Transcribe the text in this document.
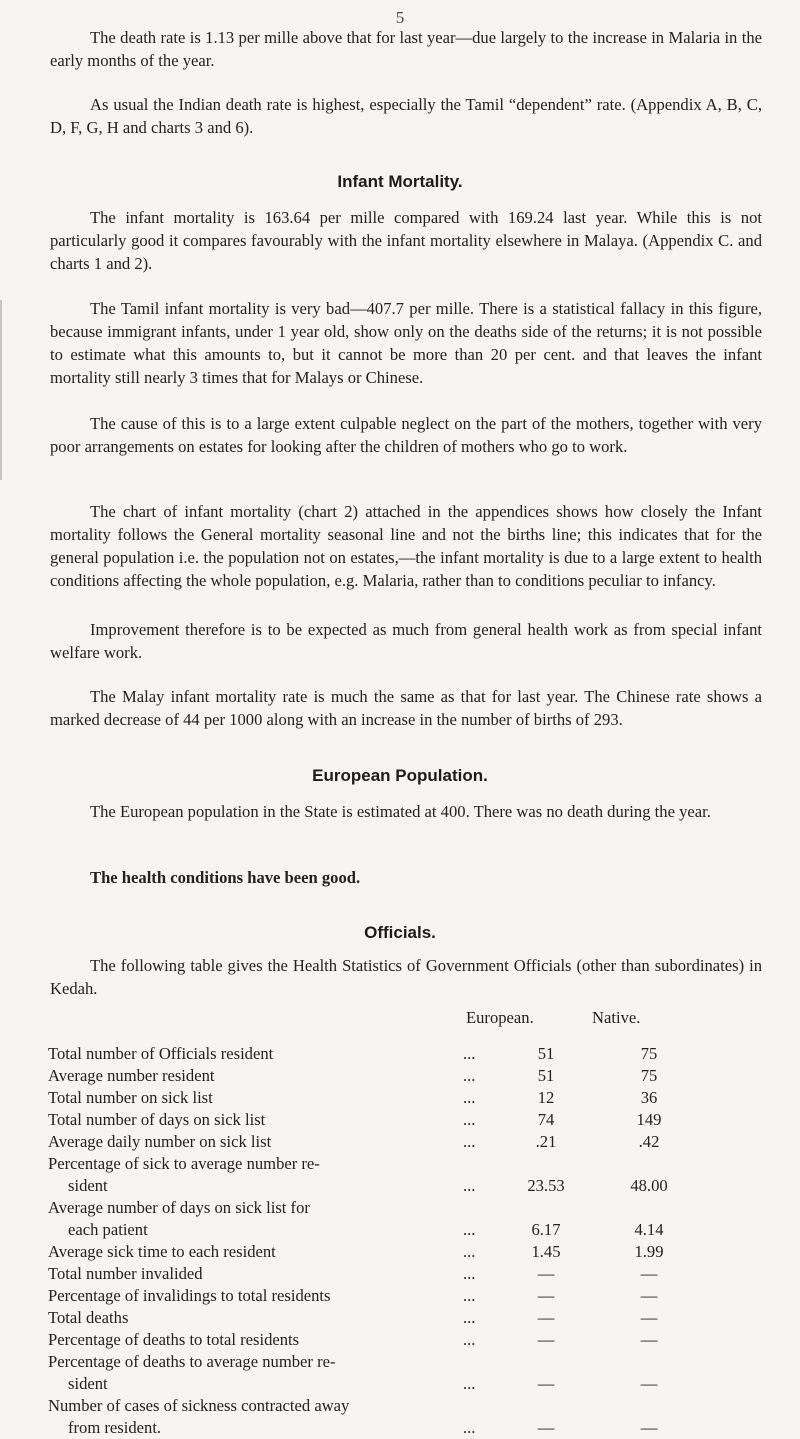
5

The death rate is 1.13 per mille above that for last year—due largely to the increase in Malaria in the early months of the year.

As usual the Indian death rate is highest, especially the Tamil “dependent” rate. (Appendix A, B, C, D, F, G, H and charts 3 and 6).

Infant Mortality.

The infant mortality is 163.64 per mille compared with 169.24 last year. While this is not particularly good it compares favourably with the infant mortality elsewhere in Malaya. (Appendix C. and charts 1 and 2).

The Tamil infant mortality is very bad—407.7 per mille. There is a statistical fallacy in this figure, because immigrant infants, under 1 year old, show only on the deaths side of the returns; it is not possible to estimate what this amounts to, but it cannot be more than 20 per cent. and that leaves the infant mortality still nearly 3 times that for Malays or Chinese.

The cause of this is to a large extent culpable neglect on the part of the mothers, together with very poor arrangements on estates for looking after the children of mothers who go to work.

The chart of infant mortality (chart 2) attached in the appendices shows how closely the Infant mortality follows the General mortality seasonal line and not the births line; this indicates that for the general population i.e. the population not on estates,—the infant mortality is due to a large extent to health conditions affecting the whole population, e.g. Malaria, rather than to conditions peculiar to infancy.

Improvement therefore is to be expected as much from general health work as from special infant welfare work.

The Malay infant mortality rate is much the same as that for last year. The Chinese rate shows a marked decrease of 44 per 1000 along with an increase in the number of births of 293.

European Population.

The European population in the State is estimated at 400. There was no death during the year.

The health conditions have been good.

Officials.

The following table gives the Health Statistics of Government Officials (other than subordinates) in Kedah.

European.	Native.
Total number of Officials resident	...	51	75
Average number resident	...	51	75
Total number on sick list	...	12	36
Total number of days on sick list	...	74	149
Average daily number on sick list	...	.21	.42
Percentage of sick to average number re-
sident	...	23.53	48.00
Average number of days on sick list for
each patient	...	6.17	4.14
Average sick time to each resident	...	1.45	1.99
Total number invalided	...	—	—
Percentage of invalidings to total residents	...	—	—
Total deaths	...	—	—
Percentage of deaths to total residents	...	—	—
Percentage of deaths to average number re-
sident	...	—	—
Number of cases of sickness contracted away
from resident.	...	—	—
